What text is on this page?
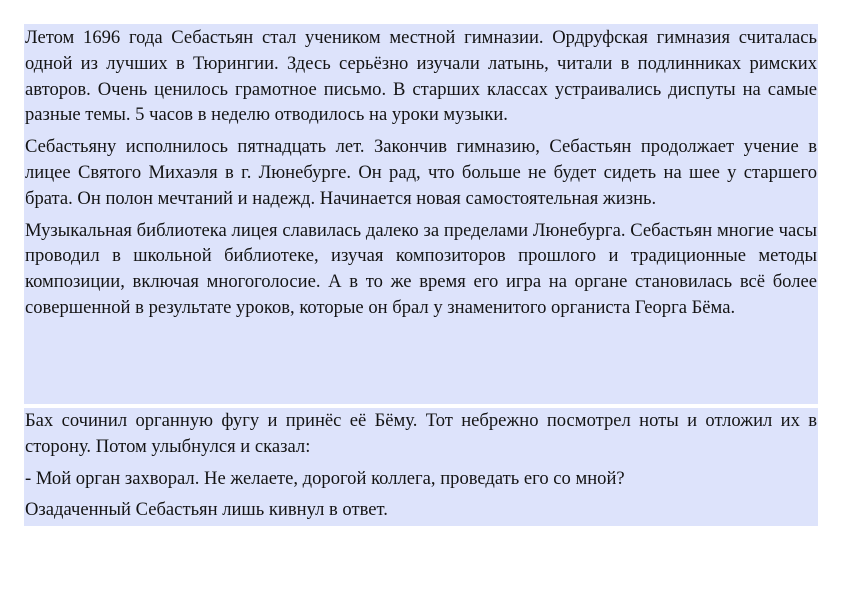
Летом 1696 года Себастьян стал учеником местной гимназии. Ордруфская гимназия считалась одной из лучших в Тюрингии. Здесь серьёзно изучали латынь, читали в подлинниках римских авторов. Очень ценилось грамотное письмо. В старших классах устраивались диспуты на самые разные темы. 5 часов в неделю отводилось на уроки музыки.

Себастьяну исполнилось пятнадцать лет. Закончив гимназию, Себастьян продолжает учение в лицее Святого Михаэля в г. Люнебурге. Он рад, что больше не будет сидеть на шее у старшего брата. Он полон мечтаний и надежд. Начинается новая самостоятельная жизнь.

Музыкальная библиотека лицея славилась далеко за пределами Люнебурга. Себастьян многие часы проводил в школьной библиотеке, изучая композиторов прошлого и традиционные методы композиции, включая многоголосие. А в то же время его игра на органе становилась всё более совершенной в результате уроков, которые он брал у знаменитого органиста Георга Бёма.

Бах сочинил органную фугу и принёс её Бёму. Тот небрежно посмотрел ноты и отложил их в сторону. Потом улыбнулся и сказал:

- Мой орган захворал. Не желаете, дорогой коллега, проведать его со мной?

Озадаченный Себастьян лишь кивнул в ответ.
